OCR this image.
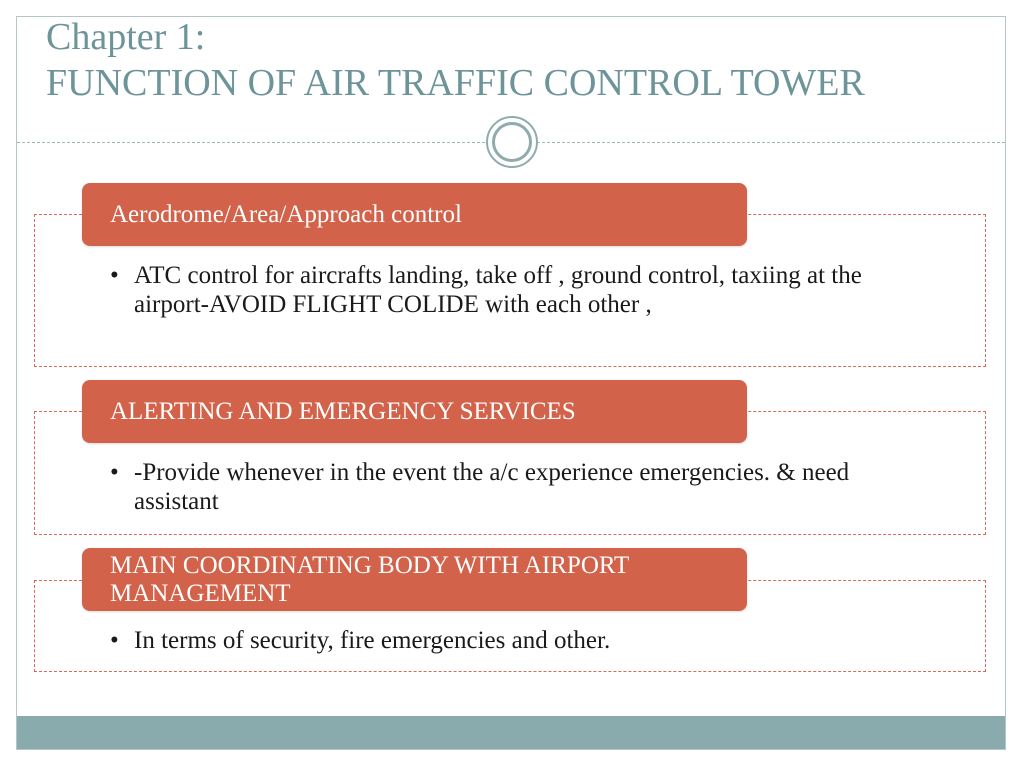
Chapter 1:
FUNCTION OF AIR TRAFFIC CONTROL TOWER
Aerodrome/Area/Approach control
• ATC control for aircrafts landing, take off , ground control, taxiing at the airport-AVOID FLIGHT COLIDE with each other ,
ALERTING AND EMERGENCY SERVICES
• -Provide whenever in the event the a/c experience emergencies. & need assistant
MAIN COORDINATING BODY WITH AIRPORT MANAGEMENT
• In terms of security, fire emergencies and other.
